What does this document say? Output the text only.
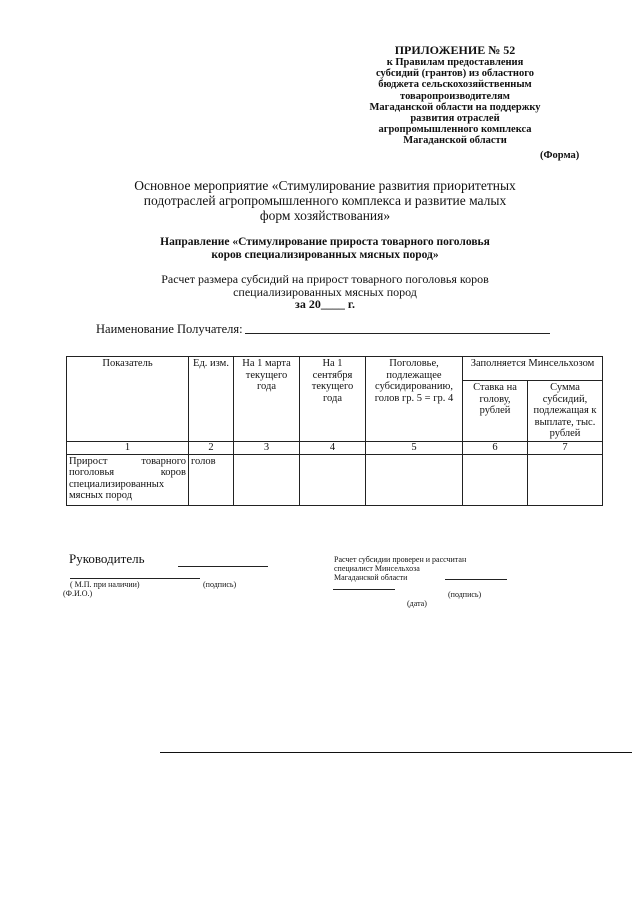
ПРИЛОЖЕНИЕ № 52
к Правилам предоставления
субсидий (грантов) из областного
бюджета сельскохозяйственным
товаропроизводителям
Магаданской области на поддержку
развития отраслей
агропромышленного комплекса
Магаданской области
(Форма)
Основное мероприятие «Стимулирование развития приоритетных
подотраслей агропромышленного комплекса и развитие малых
форм хозяйствования»
Направление «Стимулирование прироста товарного поголовья
коров специализированных мясных пород»
Расчет размера субсидий на прирост товарного поголовья коров
специализированных мясных пород
за 20____ г.
Наименование Получателя:
Показатель	Ед. изм.	На 1 марта текущего года	На 1 сентября текущего года	Поголовье, подлежащее субсидированию, голов гр. 5 = гр. 4	Заполняется Минсельхозом	
					Ставка на голову, рублей	Сумма субсидий, подлежащая к выплате, тыс. рублей
1	2	3	4	5	6	7
Прирост товарного поголовья коров специализированных мясных пород	голов					
Руководитель
( М.П. при наличии)	(подпись)
(Ф.И.О.)
Расчет субсидии проверен и рассчитан
специалист Минсельхоза
Магаданской области
(подпись)
(дата)
